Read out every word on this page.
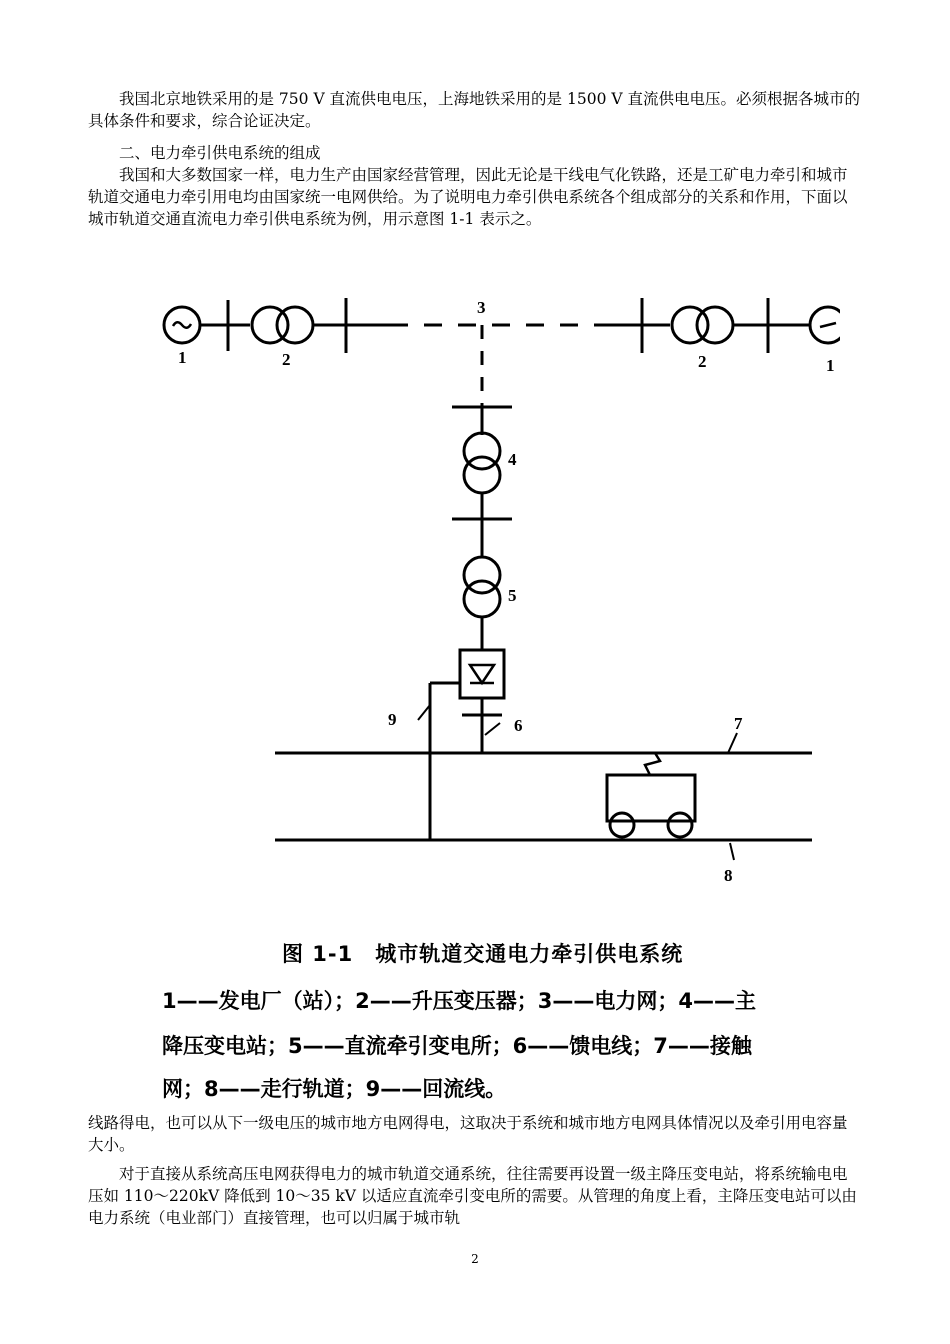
我国北京地铁采用的是 750 V 直流供电电压，上海地铁采用的是 1500 V 直流供电电压。必须根据各城市的具体条件和要求，综合论证决定。

二、电力牵引供电系统的组成

我国和大多数国家一样，电力生产由国家经营管理，因此无论是干线电气化铁路，还是工矿电力牵引和城市轨道交通电力牵引用电均由国家统一电网供给。为了说明电力牵引供电系统各个组成部分的关系和作用，下面以城市轨道交通直流电力牵引供电系统为例，用示意图 1-1 表示之。

1	2
3
2	1
4
5
9	6	7
8

图 1-1　城市轨道交通电力牵引供电系统

1——发电厂（站）；2——升压变压器；3——电力网；4——主

降压变电站；5——直流牵引变电所；6——馈电线；7——接触

网；8——走行轨道；9——回流线。

线路得电，也可以从下一级电压的城市地方电网得电，这取决于系统和城市地方电网具体情况以及牵引用电容量大小。

对于直接从系统高压电网获得电力的城市轨道交通系统，往往需要再设置一级主降压变电站，将系统输电电压如 110～220kV 降低到 10～35 kV 以适应直流牵引变电所的需要。从管理的角度上看，主降压变电站可以由电力系统（电业部门）直接管理，也可以归属于城市轨

2
